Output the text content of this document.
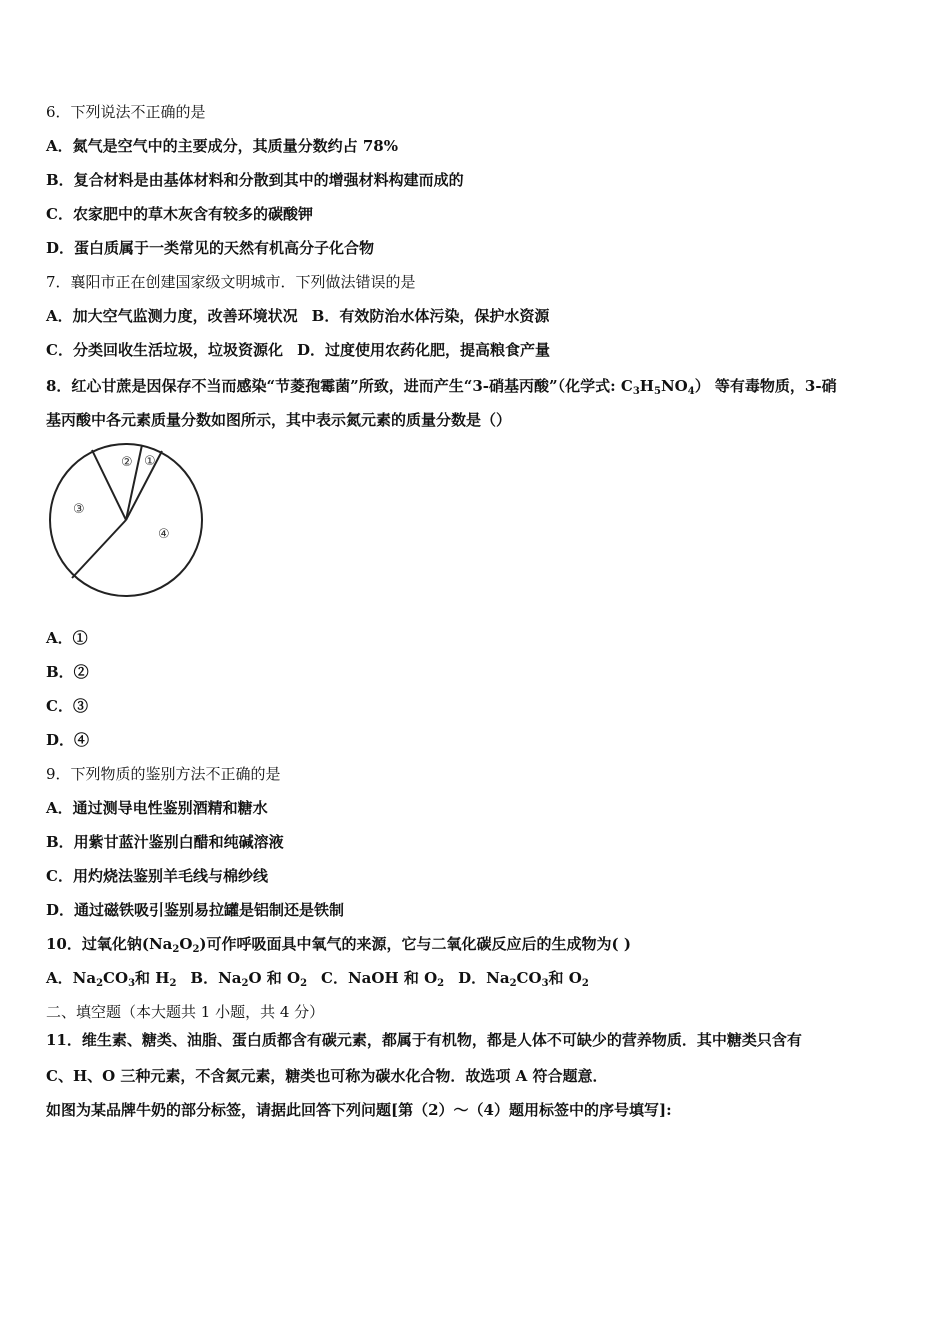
6．下列说法不正确的是
A．氮气是空气中的主要成分，其质量分数约占 78%
B．复合材料是由基体材料和分散到其中的增强材料构建而成的
C．农家肥中的草木灰含有较多的碳酸钾
D．蛋白质属于一类常见的天然有机高分子化合物
7．襄阳市正在创建国家级文明城市．下列做法错误的是
A．加大空气监测力度，改善环境状况 B．有效防治水体污染，保护水资源
C．分类回收生活垃圾，垃圾资源化 D．过度使用农药化肥，提高粮食产量
8．红心甘蔗是因保存不当而感染“节菱孢霉菌”所致，进而产生“3-硝基丙酸”（化学式: $C_3H_5NO_4$） 等有毒物质，3-硝
基丙酸中各元素质量分数如图所示，其中表示氮元素的质量分数是（）
② ①
③
④
A．①
B．②
C．③
D．④
9．下列物质的鉴别方法不正确的是
A．通过测导电性鉴别酒精和糖水
B．用紫甘蓝汁鉴别白醋和纯碱溶液
C．用灼烧法鉴别羊毛线与棉纱线
D．通过磁铁吸引鉴别易拉罐是铝制还是铁制
10．过氧化钠$(Na_2O_2)$可作呼吸面具中氧气的来源，它与二氧化碳反应后的生成物为( )
A．$Na_2CO_3$和 $H_2$ B．$Na_2O$ 和 $O_2$ C．NaOH 和 $O_2$ D．$Na_2CO_3$和 $O_2$
二、填空题（本大题共 1 小题，共 4 分）
11．维生素、糖类、油脂、蛋白质都含有碳元素，都属于有机物，都是人体不可缺少的营养物质．其中糖类只含有
C、H、O 三种元素，不含氮元素，糖类也可称为碳水化合物．故选项 A 符合题意．
如图为某品牌牛奶的部分标签，请据此回答下列问题[第（2）～（4）题用标签中的序号填写]:
